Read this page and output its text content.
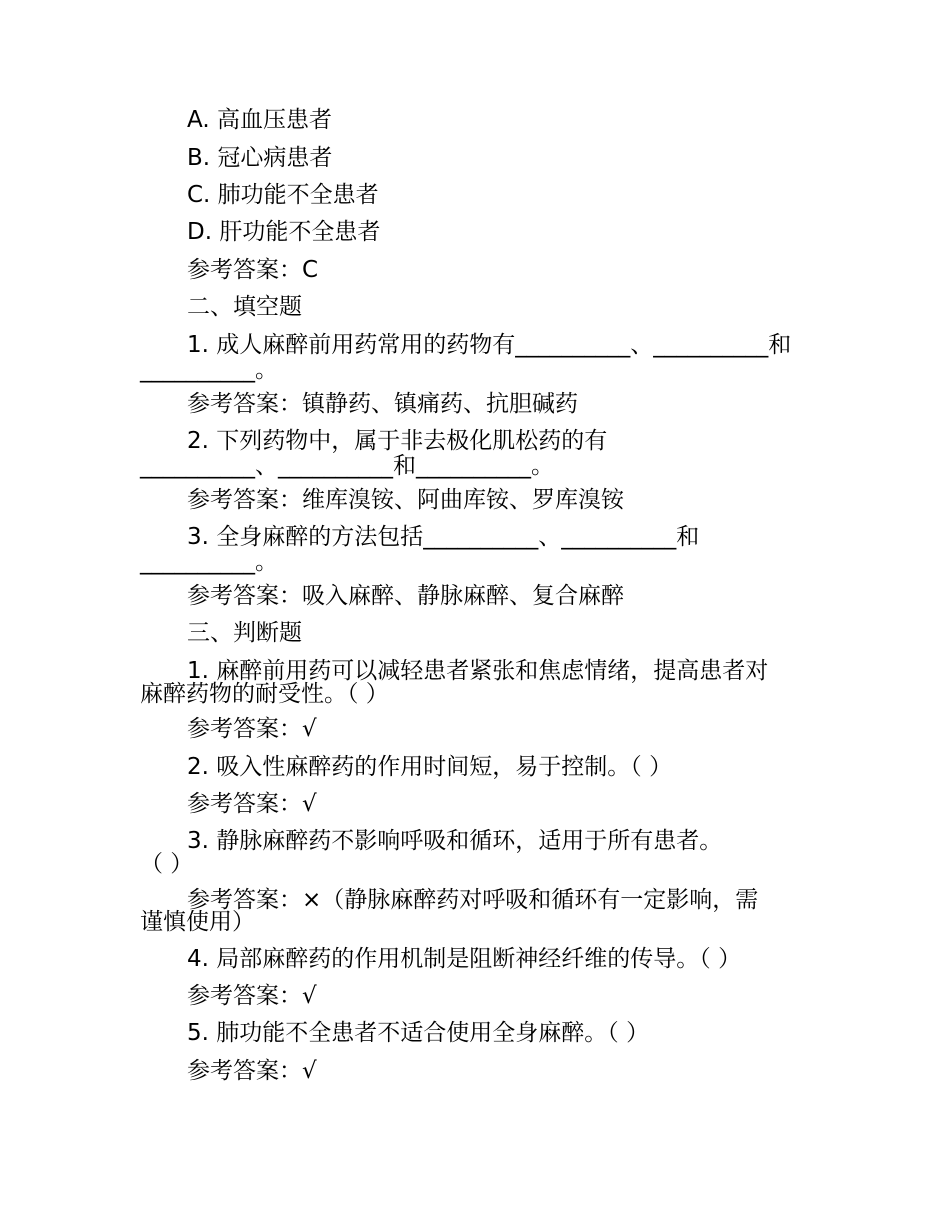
A. 高血压患者
B. 冠心病患者
C. 肺功能不全患者
D. 肝功能不全患者
参考答案：C
二、填空题
1. 成人麻醉前用药常用的药物有__________、__________和
__________。
参考答案：镇静药、镇痛药、抗胆碱药
2. 下列药物中，属于非去极化肌松药的有
__________、__________和__________。
参考答案：维库溴铵、阿曲库铵、罗库溴铵
3. 全身麻醉的方法包括__________、__________和
__________。
参考答案：吸入麻醉、静脉麻醉、复合麻醉
三、判断题
1. 麻醉前用药可以减轻患者紧张和焦虑情绪，提高患者对
麻醉药物的耐受性。（ ）
参考答案：√
2. 吸入性麻醉药的作用时间短，易于控制。（ ）
参考答案：√
3. 静脉麻醉药不影响呼吸和循环，适用于所有患者。
（ ）
参考答案：×（静脉麻醉药对呼吸和循环有一定影响，需
谨慎使用）
4. 局部麻醉药的作用机制是阻断神经纤维的传导。（ ）
参考答案：√
5. 肺功能不全患者不适合使用全身麻醉。（ ）
参考答案：√
